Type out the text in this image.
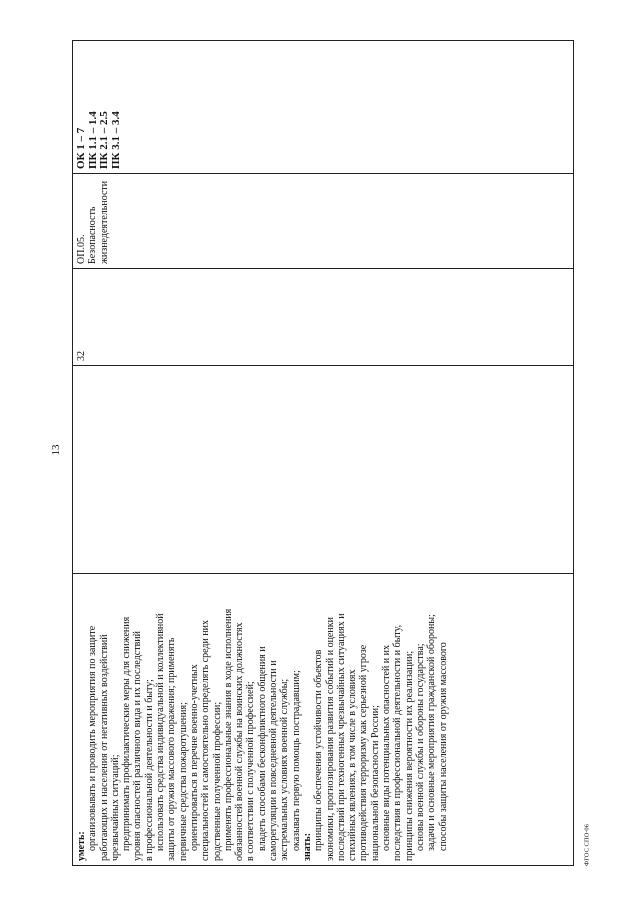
13
уметь: организовывать и проводить мероприятия по защите работающих и населения от негативных воздействий чрезвычайных ситуаций; предпринимать профилактические меры для снижения уровня опасностей различного вида и их последствий в профессиональной деятельности и быту; использовать средства индивидуальной и коллективной защиты от оружия массового поражения; применять первичные средства пожаротушения; ориентироваться в перечне военно-учетных специальностей и самостоятельно определять среди них родственные полученной профессии; применять профессиональные знания в ходе исполнения обязанностей военной службы на воинских должностях в соответствии с полученной профессией; владеть способами бесконфликтного общения и саморегуляции в повседневной деятельности и экстремальных условиях военной службы; оказывать первую помощь пострадавшим; знать: принципы обеспечения устойчивости объектов экономики, прогнозирования развития событий и оценки последствий при техногенных чрезвычайных ситуациях и стихийных явлениях, в том числе в условиях противодействия терроризму как серьезной угрозе национальной безопасности России; основные виды потенциальных опасностей и их последствия в профессиональной деятельности и быту, принципы снижения вероятности их реализации; основы военной службы и обороны государства; задачи и основные мероприятия гражданской обороны; способы защиты населения от оружия массового
32
ОП.05. Безопасность жизнедеятельности
ОК 1 – 7 ПК 1.1 – 1.4 ПК 2.1 – 2.5 ПК 3.1 – 3.4
ФГОС СПО-06
